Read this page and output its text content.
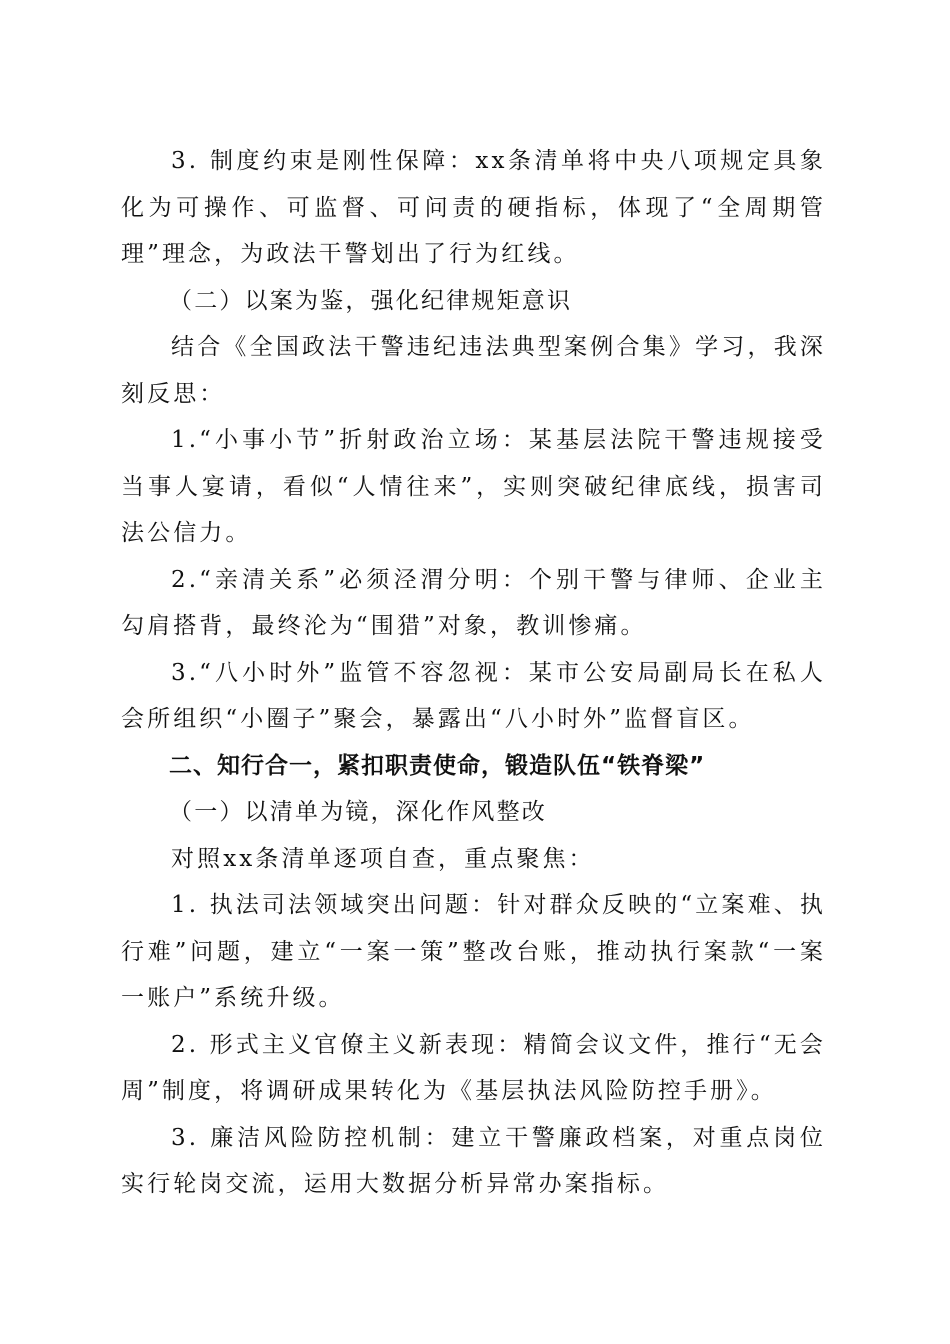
3. 制度约束是刚性保障：xx条清单将中央八项规定具象化为可操作、可监督、可问责的硬指标，体现了“全周期管理”理念，为政法干警划出了行为红线。

（二）以案为鉴，强化纪律规矩意识

结合《全国政法干警违纪违法典型案例合集》学习，我深刻反思：

1.“小事小节”折射政治立场：某基层法院干警违规接受当事人宴请，看似“人情往来”，实则突破纪律底线，损害司法公信力。

2.“亲清关系”必须泾渭分明：个别干警与律师、企业主勾肩搭背，最终沦为“围猎”对象，教训惨痛。

3.“八小时外”监管不容忽视：某市公安局副局长在私人会所组织“小圈子”聚会，暴露出“八小时外”监督盲区。

二、知行合一，紧扣职责使命，锻造队伍“铁脊梁”

（一）以清单为镜，深化作风整改

对照xx条清单逐项自查，重点聚焦：

1. 执法司法领域突出问题：针对群众反映的“立案难、执行难”问题，建立“一案一策”整改台账，推动执行案款“一案一账户”系统升级。

2. 形式主义官僚主义新表现：精简会议文件，推行“无会周”制度，将调研成果转化为《基层执法风险防控手册》。

3. 廉洁风险防控机制：建立干警廉政档案，对重点岗位实行轮岗交流，运用大数据分析异常办案指标。
